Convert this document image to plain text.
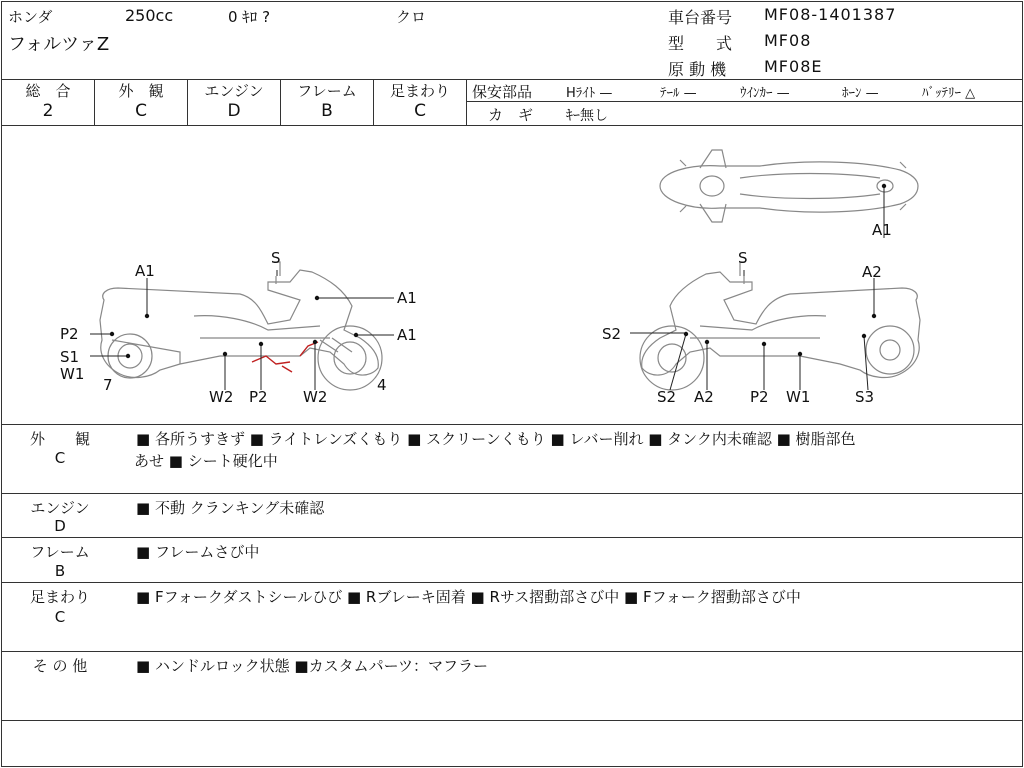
ホンダ	250cc	0 ｷﾛ ?	クロ
フォルツァZ
車台番号 MF08-1401387
型　　式 MF08
原 動 機 MF08E
総　合
2
外　観
C
エンジン
D
フレーム
B
足まわり
C
保安部品	Hﾗｲﾄ —	ﾃｰﾙ —	ｳｲﾝｶｰ —	ﾎｰﾝ —	ﾊﾞｯﾃﾘｰ △
カ　ギ ｷｰ無し
S
A1
A1
A1
P2
S1
W1
7	4
W2 P2 W2
S
A2
S2
S2 A2 P2 W1	S3
A1
外　　観
C
■ 各所うすきず ■ ライトレンズくもり ■ スクリーンくもり ■ レバー削れ ■ タンク内未確認 ■ 樹脂部色
あせ ■ シート硬化中
エンジン
D
■ 不動 クランキング未確認
フレーム
B
■ フレームさび中
足まわり
C
■ Fフォークダストシールひび ■ Rブレーキ固着 ■ Rサス摺動部さび中 ■ Fフォーク摺動部さび中
そ の 他	■ ハンドルロック状態 ■カスタムパーツ：マフラー
